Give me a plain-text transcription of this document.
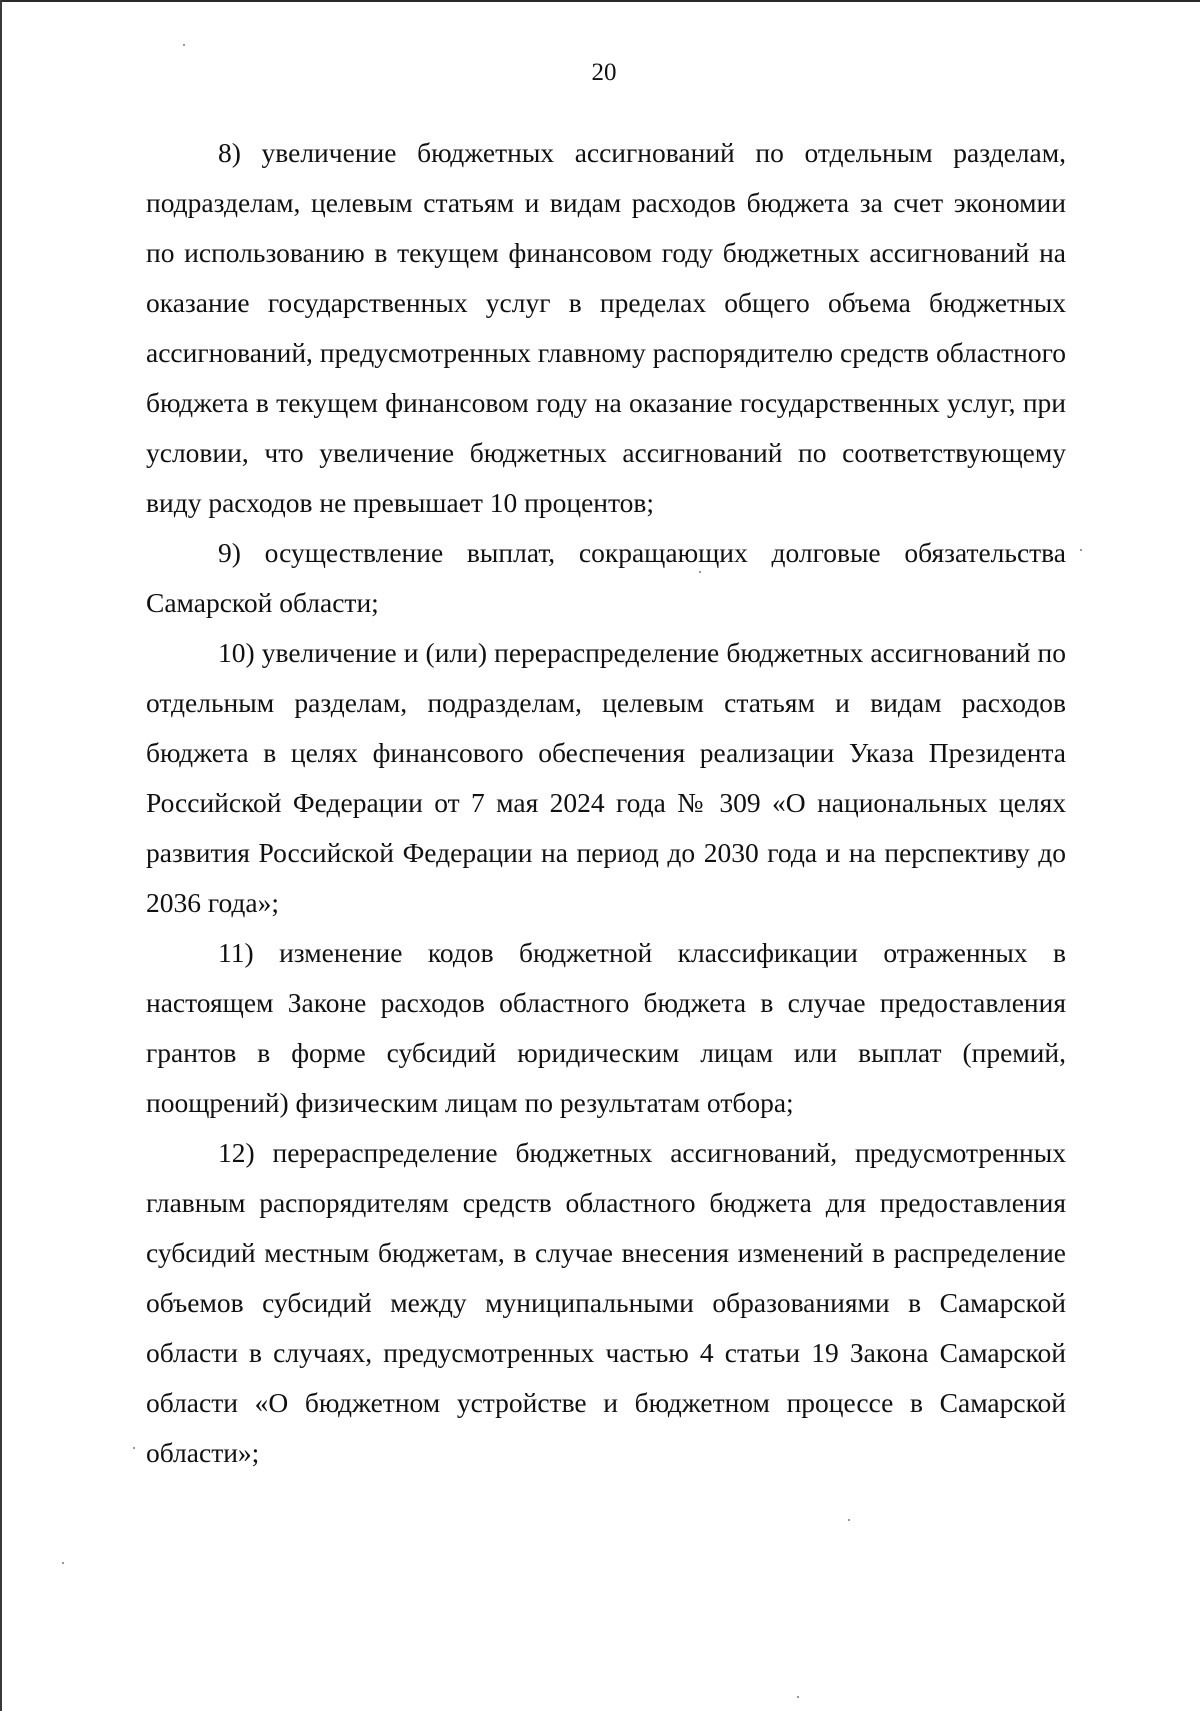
20

8) увеличение бюджетных ассигнований по отдельным разделам, подразделам, целевым статьям и видам расходов бюджета за счет экономии по использованию в текущем финансовом году бюджетных ассигнований на оказание государственных услуг в пределах общего объема бюджетных ассигнований, предусмотренных главному распорядителю средств областного бюджета в текущем финансовом году на оказание государственных услуг, при условии, что увеличение бюджетных ассигнований по соответствующему виду расходов не превышает 10 процентов;

9) осуществление выплат, сокращающих долговые обязательства Самарской области;

10) увеличение и (или) перераспределение бюджетных ассигнований по отдельным разделам, подразделам, целевым статьям и видам расходов бюджета в целях финансового обеспечения реализации Указа Президента Российской Федерации от 7 мая 2024 года № 309 «О национальных целях развития Российской Федерации на период до 2030 года и на перспективу до 2036 года»;

11) изменение кодов бюджетной классификации отраженных в настоящем Законе расходов областного бюджета в случае предоставления грантов в форме субсидий юридическим лицам или выплат (премий, поощрений) физическим лицам по результатам отбора;

12) перераспределение бюджетных ассигнований, предусмотренных главным распорядителям средств областного бюджета для предоставления субсидий местным бюджетам, в случае внесения изменений в распределение объемов субсидий между муниципальными образованиями в Самарской области в случаях, предусмотренных частью 4 статьи 19 Закона Самарской области «О бюджетном устройстве и бюджетном процессе в Самарской области»;
